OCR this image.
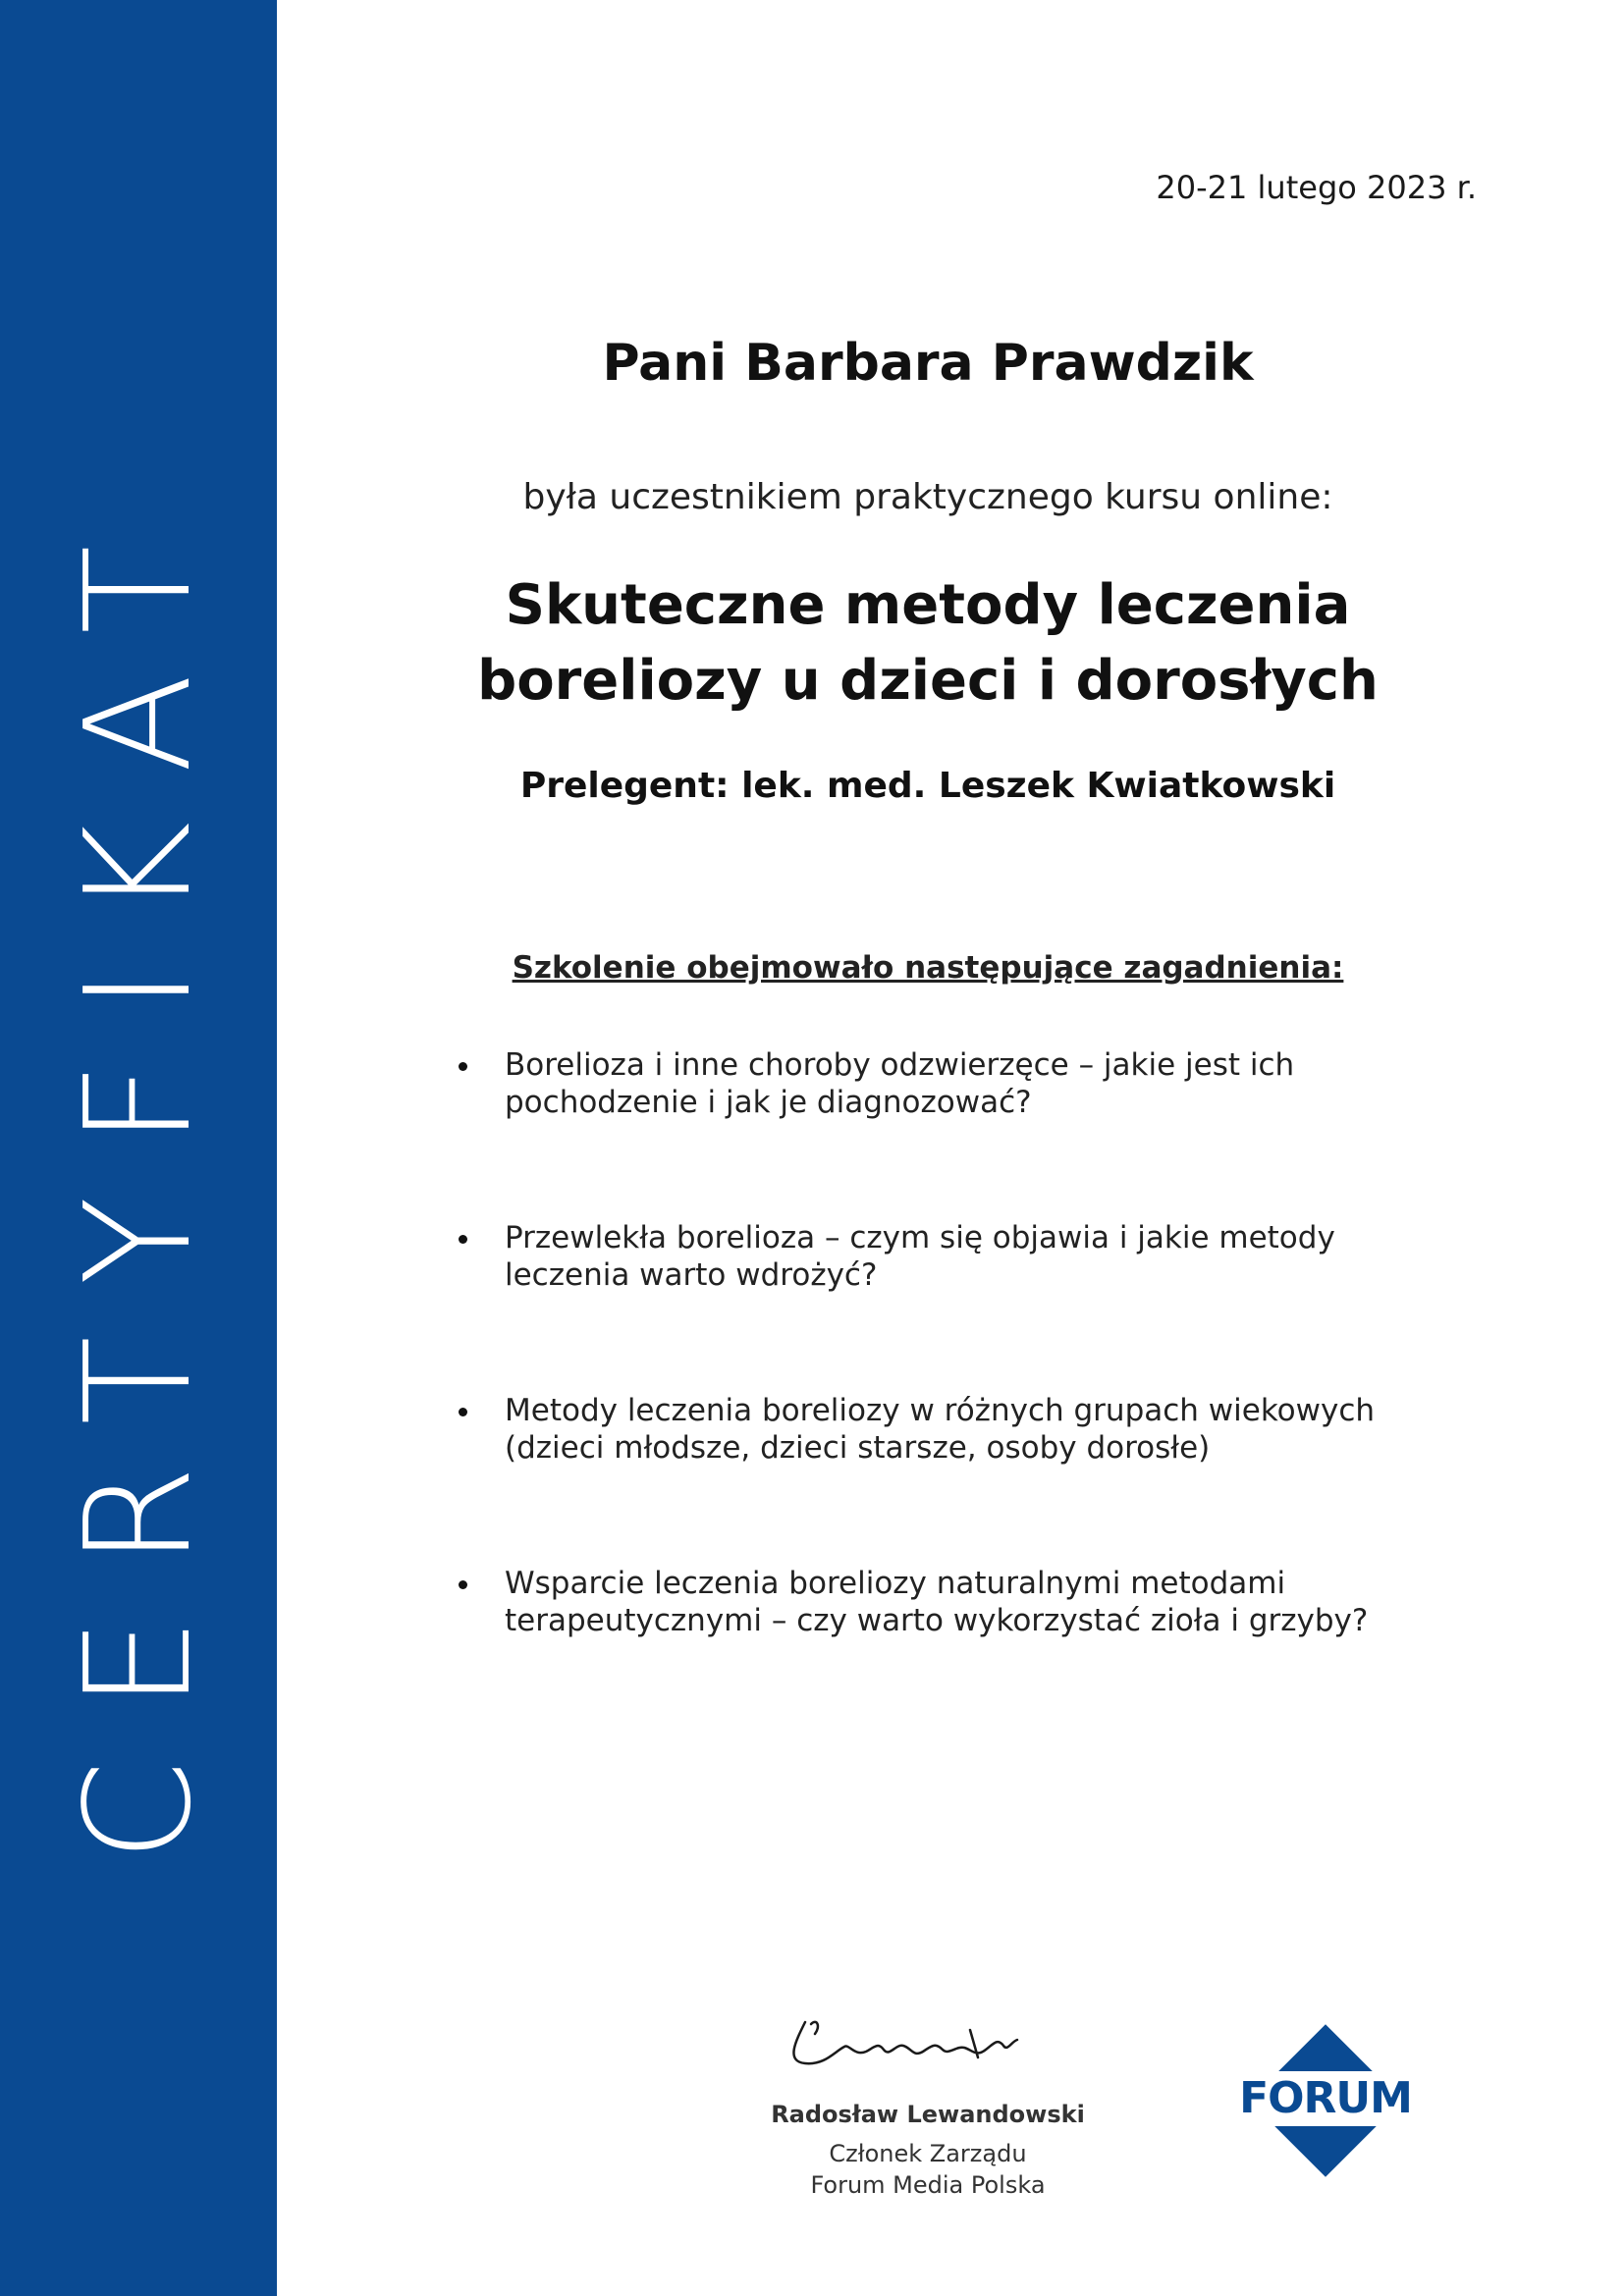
CERTYFIKAT
20-21 lutego 2023 r.
Pani Barbara Prawdzik
była uczestnikiem praktycznego kursu online:
Skuteczne metody leczenia
boreliozy u dzieci i dorosłych
Prelegent: lek. med. Leszek Kwiatkowski
Szkolenie obejmowało następujące zagadnienia:
Borelioza i inne choroby odzwierzęce – jakie jest ich
pochodzenie i jak je diagnozować?
Przewlekła borelioza – czym się objawia i jakie metody
leczenia warto wdrożyć?
Metody leczenia boreliozy w różnych grupach wiekowych
(dzieci młodsze, dzieci starsze, osoby dorosłe)
Wsparcie leczenia boreliozy naturalnymi metodami
terapeutycznymi – czy warto wykorzystać zioła i grzyby?
Radosław Lewandowski
Członek Zarządu
Forum Media Polska
FORUM
